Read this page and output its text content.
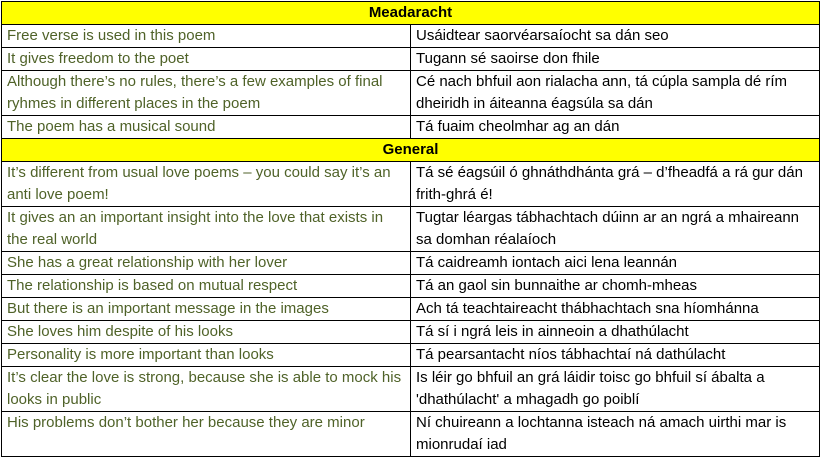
Meadaracht	
Free verse is used in this poem	Usáidtear saorvéarsaíocht sa dán seo
It gives freedom to the poet	Tugann sé saoirse don fhile
Although there’s no rules, there’s a few examples of final ryhmes in different places in the poem	Cé nach bhfuil aon rialacha ann, tá cúpla sampla dé rím dheiridh in áiteanna éagsúla sa dán
The poem has a musical sound	Tá fuaim cheolmhar ag an dán
General	
It’s different from usual love poems – you could say it’s an anti love poem!	Tá sé éagsúil ó ghnáthdhánta grá – d’fheadfá a rá gur dán frith-ghrá é!
It gives an an important insight into the love that exists in the real world	Tugtar léargas tábhachtach dúinn ar an ngrá a mhaireann sa domhan réalaíoch
She has a great relationship with her lover	Tá caidreamh iontach aici lena leannán
The relationship is based on mutual respect	Tá an gaol sin bunnaithe ar chomh-mheas
But there is an important message in the images	Ach tá teachtaireacht thábhachtach sna híomhánna
She loves him despite of his looks	Tá sí i ngrá leis in ainneoin a dhathúlacht
Personality is more important than looks	Tá pearsantacht níos tábhachtaí ná dathúlacht
It’s clear the love is strong, because she is able to mock his looks in public	Is léir go bhfuil an grá láidir toisc go bhfuil sí ábalta a 'dhathúlacht' a mhagadh go poiblí
His problems don’t bother her because they are minor	Ní chuireann a lochtanna isteach ná amach uirthi mar is mionrudaí iad
